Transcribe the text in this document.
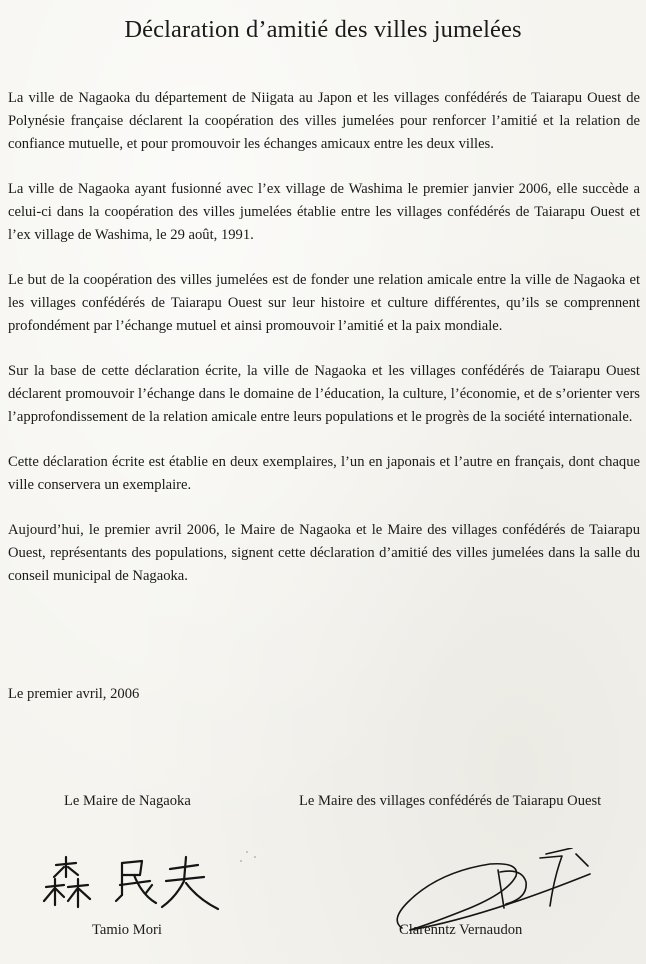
Déclaration d’amitié des villes jumelées

La ville de Nagaoka du département de Niigata au Japon et les villages confédérés de Taiarapu Ouest de Polynésie française déclarent la coopération des villes jumelées pour renforcer l’amitié et la relation de confiance mutuelle, et pour promouvoir les échanges amicaux entre les deux villes.

La ville de Nagaoka ayant fusionné avec l’ex village de Washima le premier janvier 2006, elle succède a celui-ci dans la coopération des villes jumelées établie entre les villages confédérés de Taiarapu Ouest et l’ex village de Washima, le 29 août, 1991.

Le but de la coopération des villes jumelées est de fonder une relation amicale entre la ville de Nagaoka et les villages confédérés de Taiarapu Ouest sur leur histoire et culture différentes, qu’ils se comprennent profondément par l’échange mutuel et ainsi promouvoir l’amitié et la paix mondiale.

Sur la base de cette déclaration écrite, la ville de Nagaoka et les villages confédérés de Taiarapu Ouest déclarent promouvoir l’échange dans le domaine de l’éducation, la culture, l’économie, et de s’orienter vers l’approfondissement de la relation amicale entre leurs populations et le progrès de la société internationale.

Cette déclaration écrite est établie en deux exemplaires, l’un en japonais et l’autre en français, dont chaque ville conservera un exemplaire.

Aujourd’hui, le premier avril 2006, le Maire de Nagaoka et le Maire des villages confédérés de Taiarapu Ouest, représentants des populations, signent cette déclaration d’amitié des villes jumelées dans la salle du conseil municipal de Nagaoka.

Le premier avril, 2006
Le Maire de Nagaoka	Le Maire des villages confédérés de Taiarapu Ouest
Tamio Mori	Clarenntz Vernaudon
